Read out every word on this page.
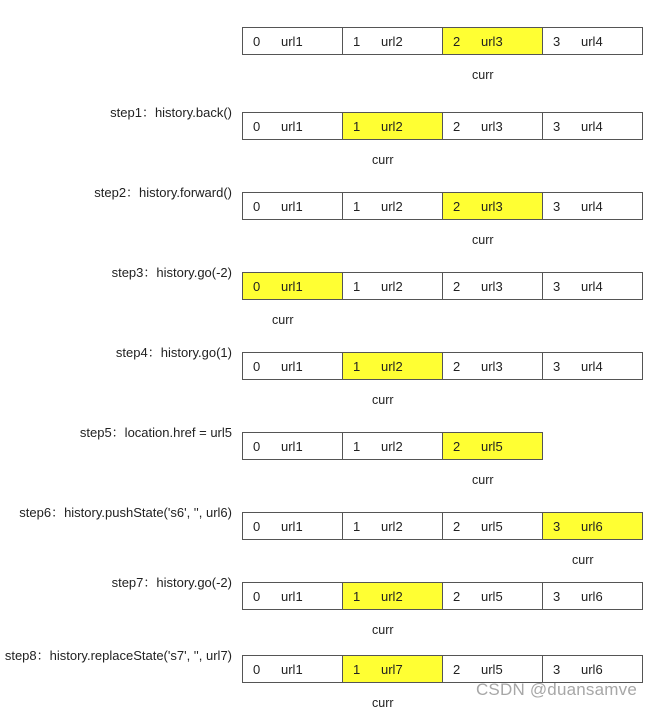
0 url1	1 url2	2 url3	3 url4
curr
step1：history.back()
0 url1	1 url2	2 url3	3 url4
curr
step2：history.forward()
0 url1	1 url2	2 url3	3 url4
curr
step3：history.go(-2)
0 url1	1 url2	2 url3	3 url4
curr
step4：history.go(1)
0 url1	1 url2	2 url3	3 url4
curr
step5：location.href = url5
0 url1	1 url2	2 url5
curr
step6：history.pushState('s6', '', url6)
0 url1	1 url2	2 url5	3 url6
curr
step7：history.go(-2)
0 url1	1 url2	2 url5	3 url6
curr
step8：history.replaceState('s7', '', url7)
0 url1	1 url7	2 url5	3 url6
curr
CSDN @duansamve
